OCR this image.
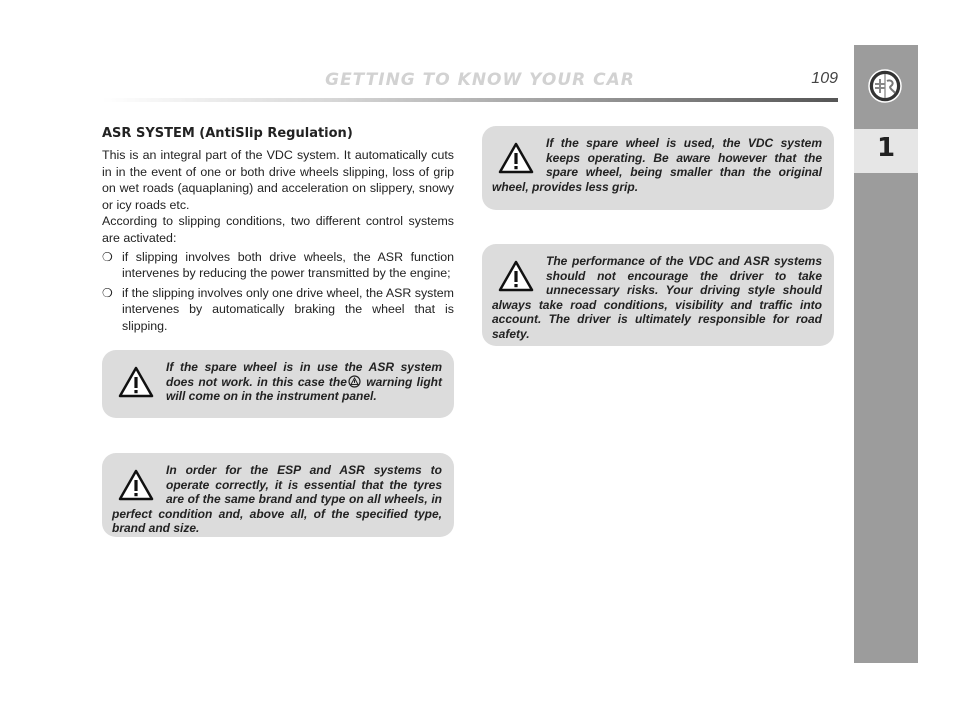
GETTING TO KNOW YOUR CAR	109
1
ASR SYSTEM (AntiSlip Regulation)

This is an integral part of the VDC system. It automatically cuts in in the event of one or both drive wheels slipping, loss of grip on wet roads (aquaplaning) and acceleration on slippery, snowy or icy roads etc.

According to slipping conditions, two different control systems are activated:

❍ if slipping involves both drive wheels, the ASR function intervenes by reducing the power transmitted by the engine;
❍ if the slipping involves only one drive wheel, the ASR system intervenes by automatically braking the wheel that is slipping.

If the spare wheel is in use the ASR system does not work. in this case the warning light will come on in the instrument panel.

In order for the ESP and ASR systems to operate correctly, it is essential that the tyres are of the same brand and type on all wheels, in perfect condition and, above all, of the specified type, brand and size.

If the spare wheel is used, the VDC system keeps operating. Be aware however that the spare wheel, being smaller than the original wheel, provides less grip.

The performance of the VDC and ASR systems should not encourage the driver to take unnecessary risks. Your driving style should always take road conditions, visibility and traffic into account. The driver is ultimately responsible for road safety.
